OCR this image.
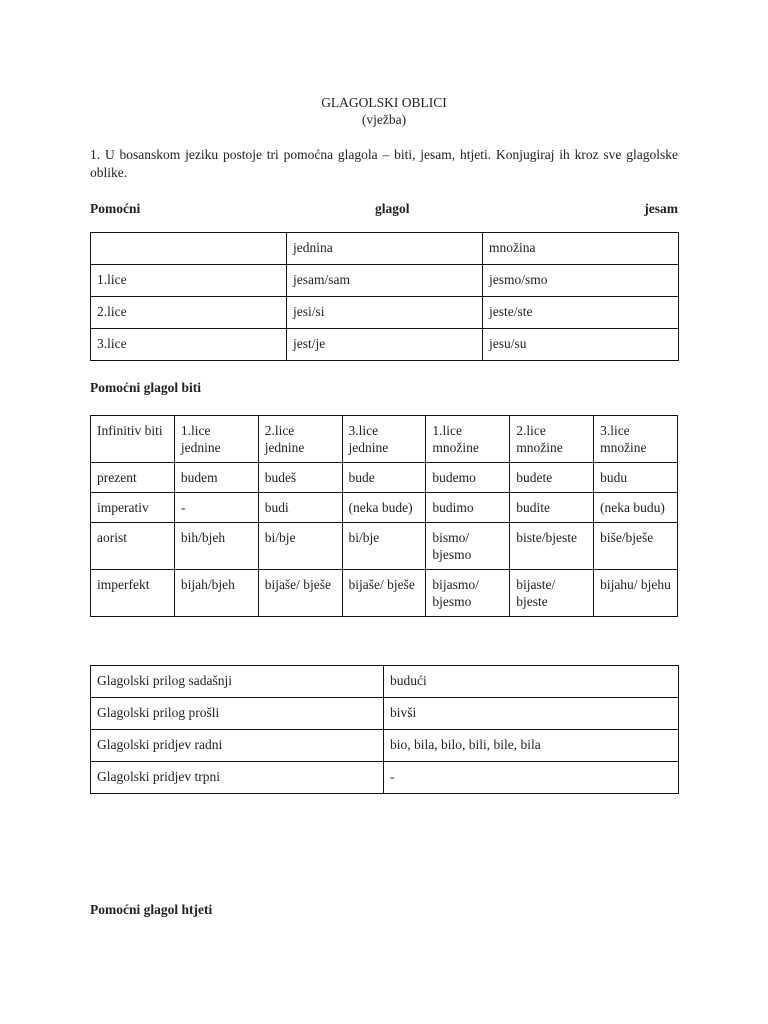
GLAGOLSKI OBLICI
(vježba)
1. U bosanskom jeziku postoje tri pomoćna glagola – biti, jesam, htjeti. Konjugiraj ih kroz sve glagolske oblike.
Pomoćni	glagol	jesam
	jednina	množina
1.lice	jesam/sam	jesmo/smo
2.lice	jesi/si	jeste/ste
3.lice	jest/je	jesu/su
Pomoćni glagol biti
Infinitiv biti	1.lice jednine	2.lice jednine	3.lice jednine	1.lice množine	2.lice množine	3.lice množine
prezent	budem	budeš	bude	budemo	budete	budu
imperativ	-	budi	(neka bude)	budimo	budite	(neka budu)
aorist	bih/bjeh	bi/bje	bi/bje	bismo/ bjesmo	biste/bjeste	biše/bješe
imperfekt	bijah/bjeh	bijaše/ bješe	bijaše/ bješe	bijasmo/ bjesmo	bijaste/ bjeste	bijahu/ bjehu
Glagolski prilog sadašnji	budući
Glagolski prilog prošli	bivši
Glagolski pridjev radni	bio, bila, bilo, bili, bile, bila
Glagolski pridjev trpni	-
Pomoćni glagol htjeti
